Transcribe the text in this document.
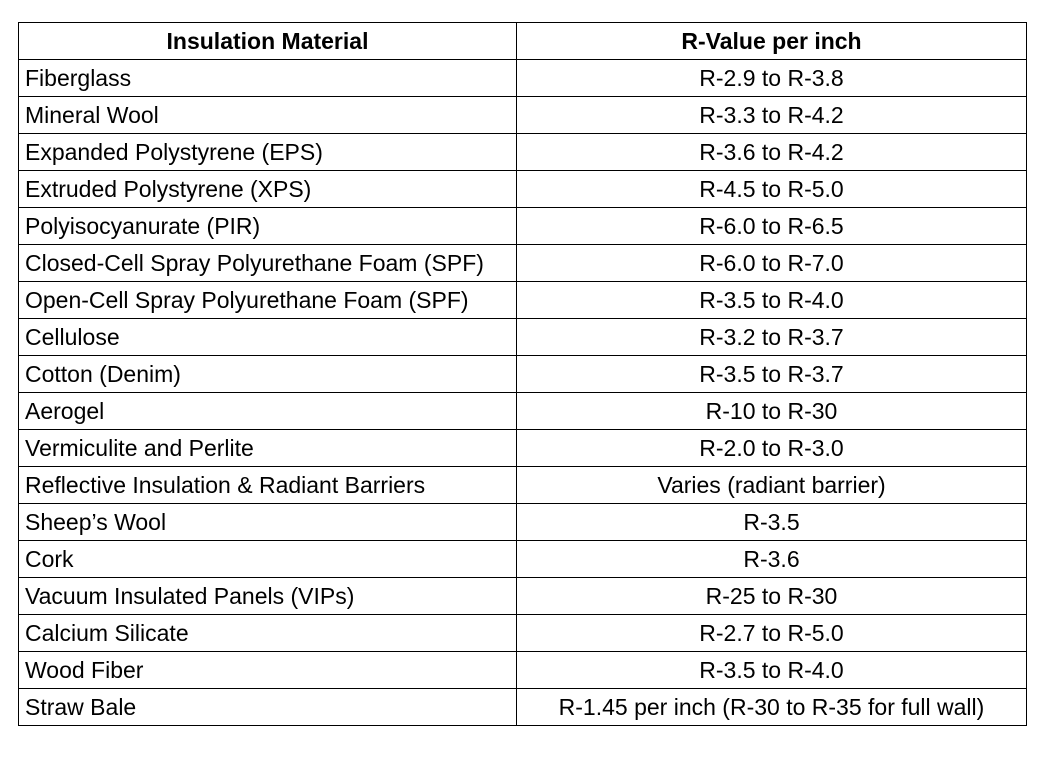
Insulation Material	R-Value per inch
Fiberglass	R-2.9 to R-3.8
Mineral Wool	R-3.3 to R-4.2
Expanded Polystyrene (EPS)	R-3.6 to R-4.2
Extruded Polystyrene (XPS)	R-4.5 to R-5.0
Polyisocyanurate (PIR)	R-6.0 to R-6.5
Closed-Cell Spray Polyurethane Foam (SPF)	R-6.0 to R-7.0
Open-Cell Spray Polyurethane Foam (SPF)	R-3.5 to R-4.0
Cellulose	R-3.2 to R-3.7
Cotton (Denim)	R-3.5 to R-3.7
Aerogel	R-10 to R-30
Vermiculite and Perlite	R-2.0 to R-3.0
Reflective Insulation & Radiant Barriers	Varies (radiant barrier)
Sheep’s Wool	R-3.5
Cork	R-3.6
Vacuum Insulated Panels (VIPs)	R-25 to R-30
Calcium Silicate	R-2.7 to R-5.0
Wood Fiber	R-3.5 to R-4.0
Straw Bale	R-1.45 per inch (R-30 to R-35 for full wall)
